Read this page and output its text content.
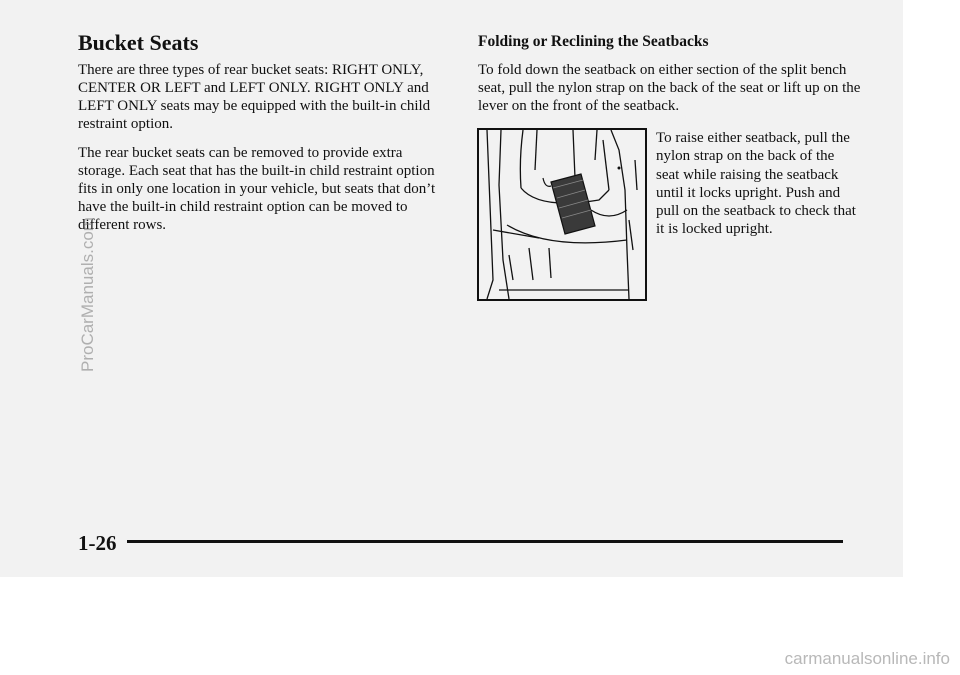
Bucket Seats

There are three types of rear bucket seats: RIGHT ONLY, CENTER OR LEFT and LEFT ONLY. RIGHT ONLY and LEFT ONLY seats may be equipped with the built-in child restraint option.

The rear bucket seats can be removed to provide extra storage. Each seat that has the built-in child restraint option fits in only one location in your vehicle, but seats that don’t have the built-in child restraint option can be moved to different rows.

Folding or Reclining the Seatbacks

To fold down the seatback on either section of the split bench seat, pull the nylon strap on the back of the seat or lift up on the lever on the front of the seatback.

To raise either seatback, pull the nylon strap on the back of the seat while raising the seatback until it locks upright. Push and pull on the seatback to check that it is locked upright.

ProCarManuals.com
1-26
carmanualsonline.info
